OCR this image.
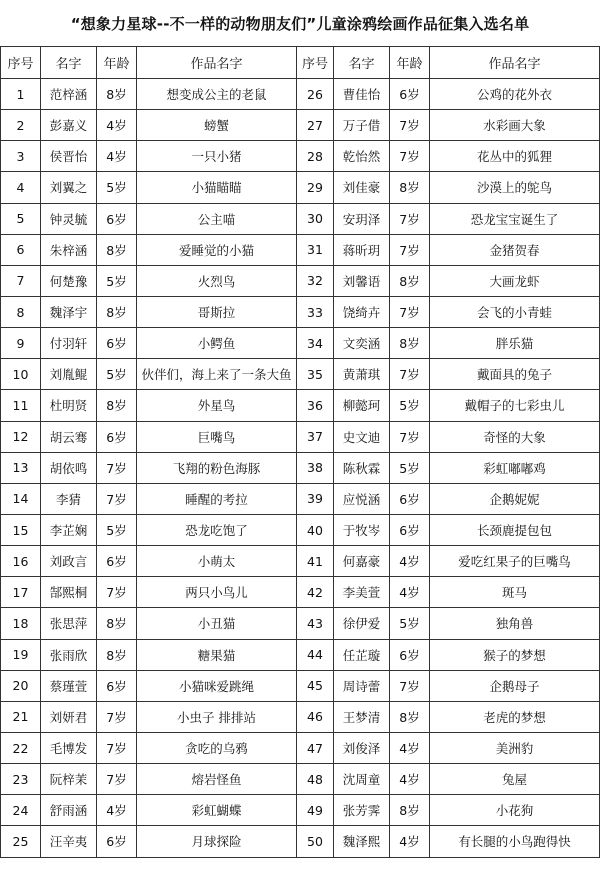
“想象力星球--不一样的动物朋友们”儿童涂鸦绘画作品征集入选名单
序号	名字	年龄	作品名字	序号	名字	年龄	作品名字
1	范梓涵	8岁	想变成公主的老鼠	26	曹佳怡	6岁	公鸡的花外衣
2	彭嘉义	4岁	螃蟹	27	万子借	7岁	水彩画大象
3	侯晋怡	4岁	一只小猪	28	乾怡然	7岁	花丛中的狐狸
4	刘翼之	5岁	小猫瞄瞄	29	刘佳豪	8岁	沙漠上的鸵鸟
5	钟灵毓	6岁	公主喵	30	安玥泽	7岁	恐龙宝宝诞生了
6	朱梓涵	8岁	爱睡觉的小猫	31	蒋昕玥	7岁	金猪贺春
7	何楚豫	5岁	火烈鸟	32	刘馨语	8岁	大画龙虾
8	魏泽宇	8岁	哥斯拉	33	饶绮卉	7岁	会飞的小青蛙
9	付羽轩	6岁	小鳄鱼	34	文奕涵	8岁	胖乐猫
10	刘胤鲲	5岁	伙伴们，海上来了一条大鱼	35	黄萧琪	7岁	戴面具的兔子
11	杜明贤	8岁	外星鸟	36	柳懿珂	5岁	戴帽子的七彩虫儿
12	胡云骞	6岁	巨嘴鸟	37	史文迪	7岁	奇怪的大象
13	胡依鸣	7岁	飞翔的粉色海豚	38	陈秋霖	5岁	彩虹嘟嘟鸡
14	李猜	7岁	睡醒的考拉	39	应悦涵	6岁	企鹅妮妮
15	李芷娴	5岁	恐龙吃饱了	40	于牧岑	6岁	长颈鹿提包包
16	刘政言	6岁	小萌太	41	何嘉豪	4岁	爱吃红果子的巨嘴鸟
17	郜熙桐	7岁	两只小鸟儿	42	李美萱	4岁	斑马
18	张思萍	8岁	小丑猫	43	徐伊爱	5岁	独角兽
19	张雨欣	8岁	糖果猫	44	任芷璇	6岁	猴子的梦想
20	蔡瑾萱	6岁	小猫咪爱跳绳	45	周诗蕾	7岁	企鹅母子
21	刘妍君	7岁	小虫子 排排站	46	王梦清	8岁	老虎的梦想
22	毛博发	7岁	贪吃的乌鸦	47	刘俊泽	4岁	美洲豹
23	阮梓茉	7岁	熔岩怪鱼	48	沈周童	4岁	兔屋
24	舒雨涵	4岁	彩虹蝴蝶	49	张芳霁	8岁	小花狗
25	汪辛夷	6岁	月球探险	50	魏泽熙	4岁	有长腿的小鸟跑得快
